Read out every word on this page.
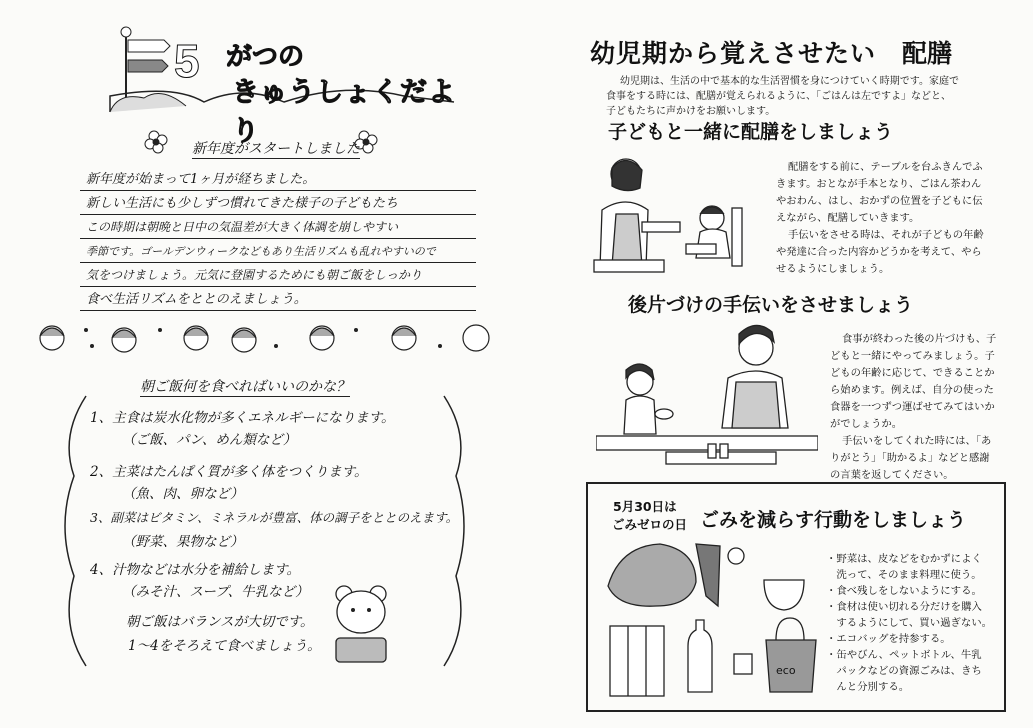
5 がつの
きゅうしょくだより
新年度がスタートしました
新年度が始まって1ヶ月が経ちました。
新しい生活にも少しずつ慣れてきた様子の子どもたち
この時期は朝晩と日中の気温差が大きく体調を崩しやすい
季節です。ゴールデンウィークなどもあり生活リズムも乱れやすいので
気をつけましょう。元気に登園するためにも朝ご飯をしっかり
食べ生活リズムをととのえましょう。
朝ご飯何を食べればいいのかな？
1、主食は炭水化物が多くエネルギーになります。
（ご飯、パン、めん類など）
2、主菜はたんぱく質が多く体をつくります。
（魚、肉、卵など）
3、副菜はビタミン、ミネラルが豊富、体の調子をととのえます。
（野菜、果物など）
4、汁物などは水分を補給します。
（みそ汁、スープ、牛乳など）
朝ご飯はバランスが大切です。
1〜4をそろえて食べましょう。
幼児期から覚えさせたい 配膳
幼児期は、生活の中で基本的な生活習慣を身につけていく時期です。家庭で
食事をする時には、配膳が覚えられるように、「ごはんは左ですよ」などと、
子どもたちに声かけをお願いします。
子どもと一緒に配膳をしましょう
配膳をする前に、テーブルを台ふきんでふ
きます。おとなが手本となり、ごはん茶わん
やおわん、はし、おかずの位置を子どもに伝
えながら、配膳していきます。
手伝いをさせる時は、それが子どもの年齢
や発達に合った内容かどうかを考えて、やら
せるようにしましょう。
後片づけの手伝いをさせましょう
食事が終わった後の片づけも、子
どもと一緒にやってみましょう。子
どもの年齢に応じて、できることか
ら始めます。例えば、自分の使った
食器を一つずつ運ばせてみてはいか
がでしょうか。
手伝いをしてくれた時には、「あ
りがとう」「助かるよ」などと感謝
の言葉を返してください。
5月30日は
ごみゼロの日 ごみを減らす行動をしましょう
eco
・野菜は、皮などをむかずによく
　洗って、そのまま料理に使う。
・食べ残しをしないようにする。
・食材は使い切れる分だけを購入
　するようにして、買い過ぎない。
・エコバッグを持参する。
・缶やびん、ペットボトル、牛乳
　パックなどの資源ごみは、きち
　んと分別する。
